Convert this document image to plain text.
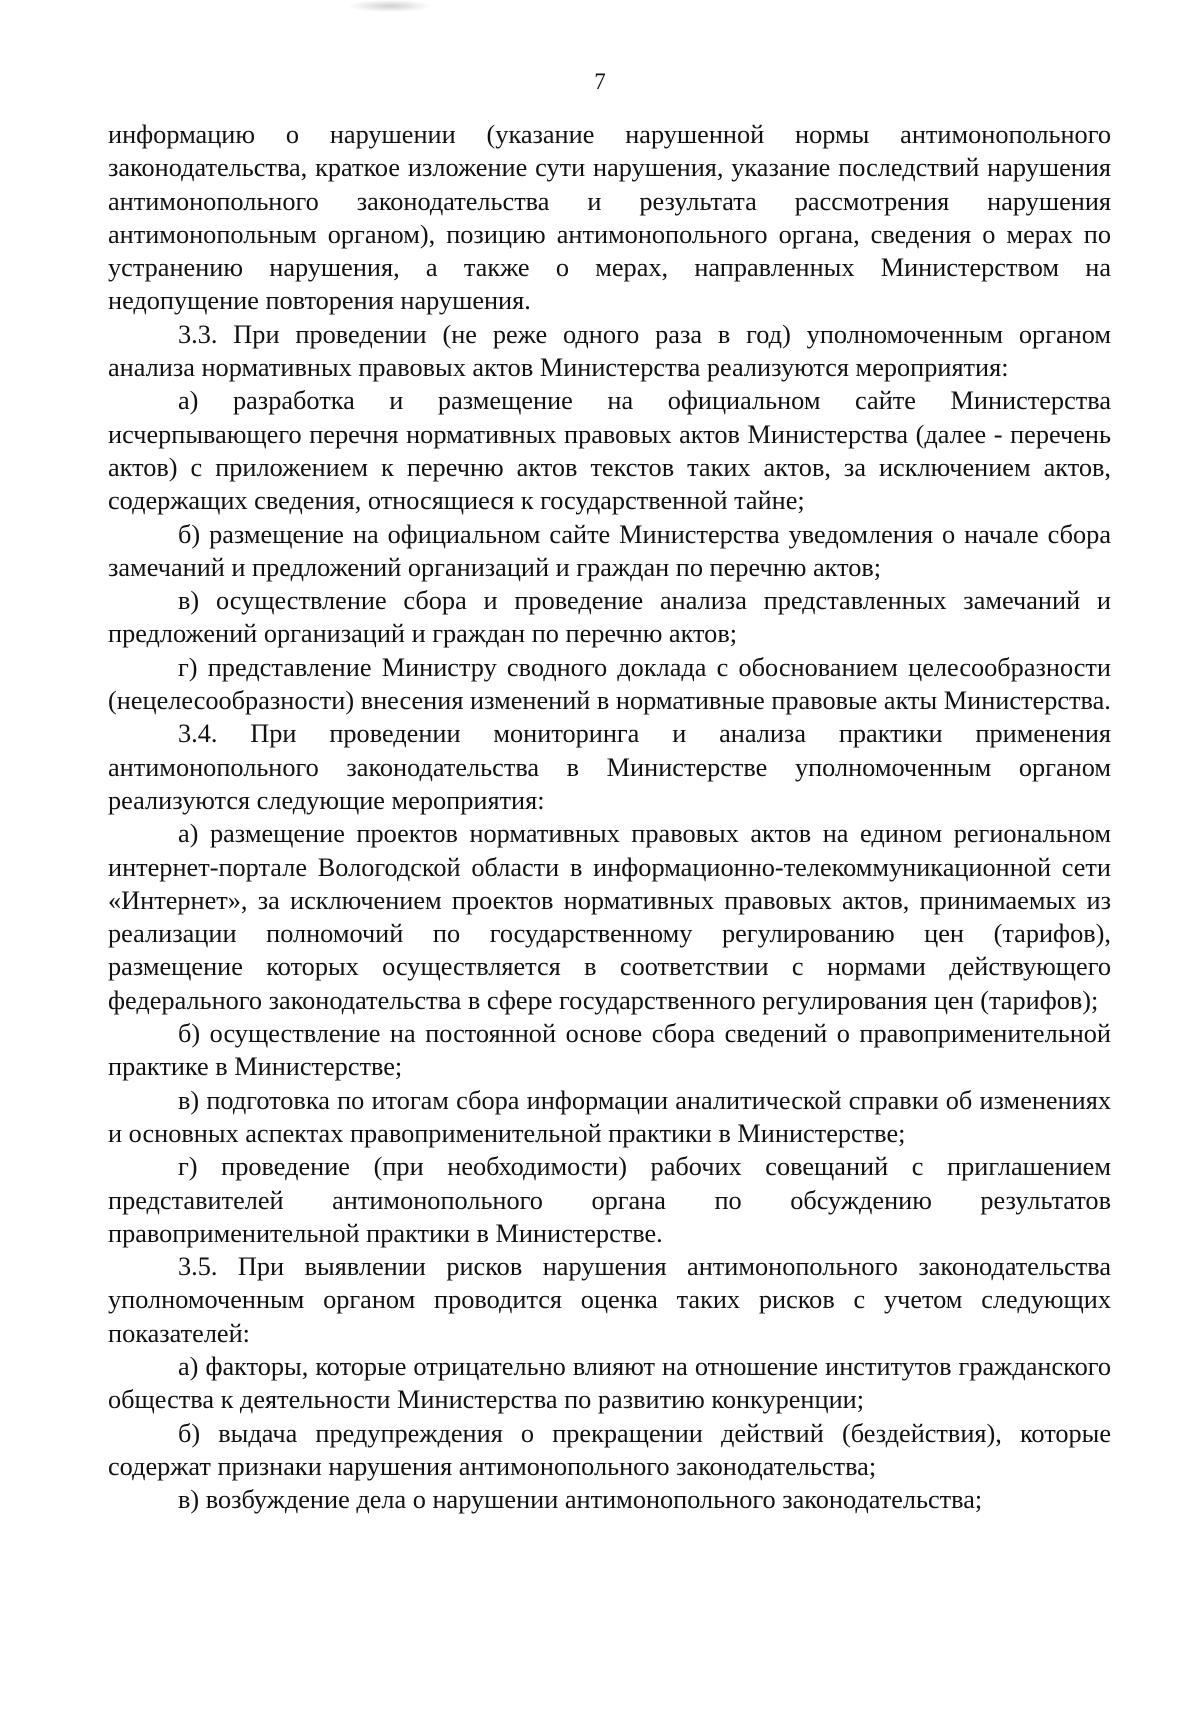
7

информацию о нарушении (указание нарушенной нормы антимонопольного законодательства, краткое изложение сути нарушения, указание последствий нарушения антимонопольного законодательства и результата рассмотрения нарушения антимонопольным органом), позицию антимонопольного органа, сведения о мерах по устранению нарушения, а также о мерах, направленных Министерством на недопущение повторения нарушения.

3.3. При проведении (не реже одного раза в год) уполномоченным органом анализа нормативных правовых актов Министерства реализуются мероприятия:

а) разработка и размещение на официальном сайте Министерства исчерпывающего перечня нормативных правовых актов Министерства (далее - перечень актов) с приложением к перечню актов текстов таких актов, за исключением актов, содержащих сведения, относящиеся к государственной тайне;

б) размещение на официальном сайте Министерства уведомления о начале сбора замечаний и предложений организаций и граждан по перечню актов;

в) осуществление сбора и проведение анализа представленных замечаний и предложений организаций и граждан по перечню актов;

г) представление Министру сводного доклада с обоснованием целесообразности (нецелесообразности) внесения изменений в нормативные правовые акты Министерства.

3.4. При проведении мониторинга и анализа практики применения антимонопольного законодательства в Министерстве уполномоченным органом реализуются следующие мероприятия:

а) размещение проектов нормативных правовых актов на едином региональном интернет-портале Вологодской области в информационно-телекоммуникационной сети «Интернет», за исключением проектов нормативных правовых актов, принимаемых из реализации полномочий по государственному регулированию цен (тарифов), размещение которых осуществляется в соответствии с нормами действующего федерального законодательства в сфере государственного регулирования цен (тарифов);

б) осуществление на постоянной основе сбора сведений о правоприменительной практике в Министерстве;

в) подготовка по итогам сбора информации аналитической справки об изменениях и основных аспектах правоприменительной практики в Министерстве;

г) проведение (при необходимости) рабочих совещаний с приглашением представителей антимонопольного органа по обсуждению результатов правоприменительной практики в Министерстве.

3.5. При выявлении рисков нарушения антимонопольного законодательства уполномоченным органом проводится оценка таких рисков с учетом следующих показателей:

а) факторы, которые отрицательно влияют на отношение институтов гражданского общества к деятельности Министерства по развитию конкуренции;

б) выдача предупреждения о прекращении действий (бездействия), которые содержат признаки нарушения антимонопольного законодательства;

в) возбуждение дела о нарушении антимонопольного законодательства;
